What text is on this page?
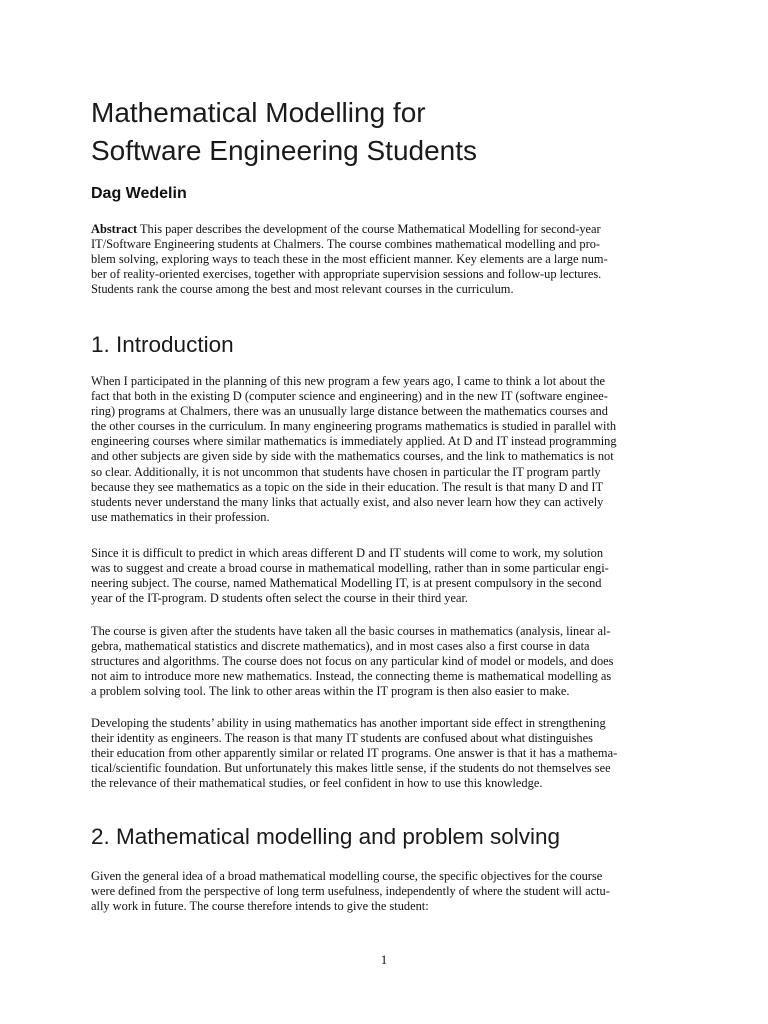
Mathematical Modelling for
Software Engineering Students
Dag Wedelin
Abstract This paper describes the development of the course Mathematical Modelling for second-year
IT/Software Engineering students at Chalmers. The course combines mathematical modelling and pro-
blem solving, exploring ways to teach these in the most efficient manner. Key elements are a large num-
ber of reality-oriented exercises, together with appropriate supervision sessions and follow-up lectures.
Students rank the course among the best and most relevant courses in the curriculum.
1. Introduction
When I participated in the planning of this new program a few years ago, I came to think a lot about the
fact that both in the existing D (computer science and engineering) and in the new IT (software enginee-
ring) programs at Chalmers, there was an unusually large distance between the mathematics courses and
the other courses in the curriculum. In many engineering programs mathematics is studied in parallel with
engineering courses where similar mathematics is immediately applied. At D and IT instead programming
and other subjects are given side by side with the mathematics courses, and the link to mathematics is not
so clear. Additionally, it is not uncommon that students have chosen in particular the IT program partly
because they see mathematics as a topic on the side in their education. The result is that many D and IT
students never understand the many links that actually exist, and also never learn how they can actively
use mathematics in their profession.
Since it is difficult to predict in which areas different D and IT students will come to work, my solution
was to suggest and create a broad course in mathematical modelling, rather than in some particular engi-
neering subject. The course, named Mathematical Modelling IT, is at present compulsory in the second
year of the IT-program. D students often select the course in their third year.
The course is given after the students have taken all the basic courses in mathematics (analysis, linear al-
gebra, mathematical statistics and discrete mathematics), and in most cases also a first course in data
structures and algorithms. The course does not focus on any particular kind of model or models, and does
not aim to introduce more new mathematics. Instead, the connecting theme is mathematical modelling as
a problem solving tool. The link to other areas within the IT program is then also easier to make.
Developing the students’ ability in using mathematics has another important side effect in strengthening
their identity as engineers. The reason is that many IT students are confused about what distinguishes
their education from other apparently similar or related IT programs. One answer is that it has a mathema-
tical/scientific foundation. But unfortunately this makes little sense, if the students do not themselves see
the relevance of their mathematical studies, or feel confident in how to use this knowledge.
2. Mathematical modelling and problem solving
Given the general idea of a broad mathematical modelling course, the specific objectives for the course
were defined from the perspective of long term usefulness, independently of where the student will actu-
ally work in future. The course therefore intends to give the student:
1
